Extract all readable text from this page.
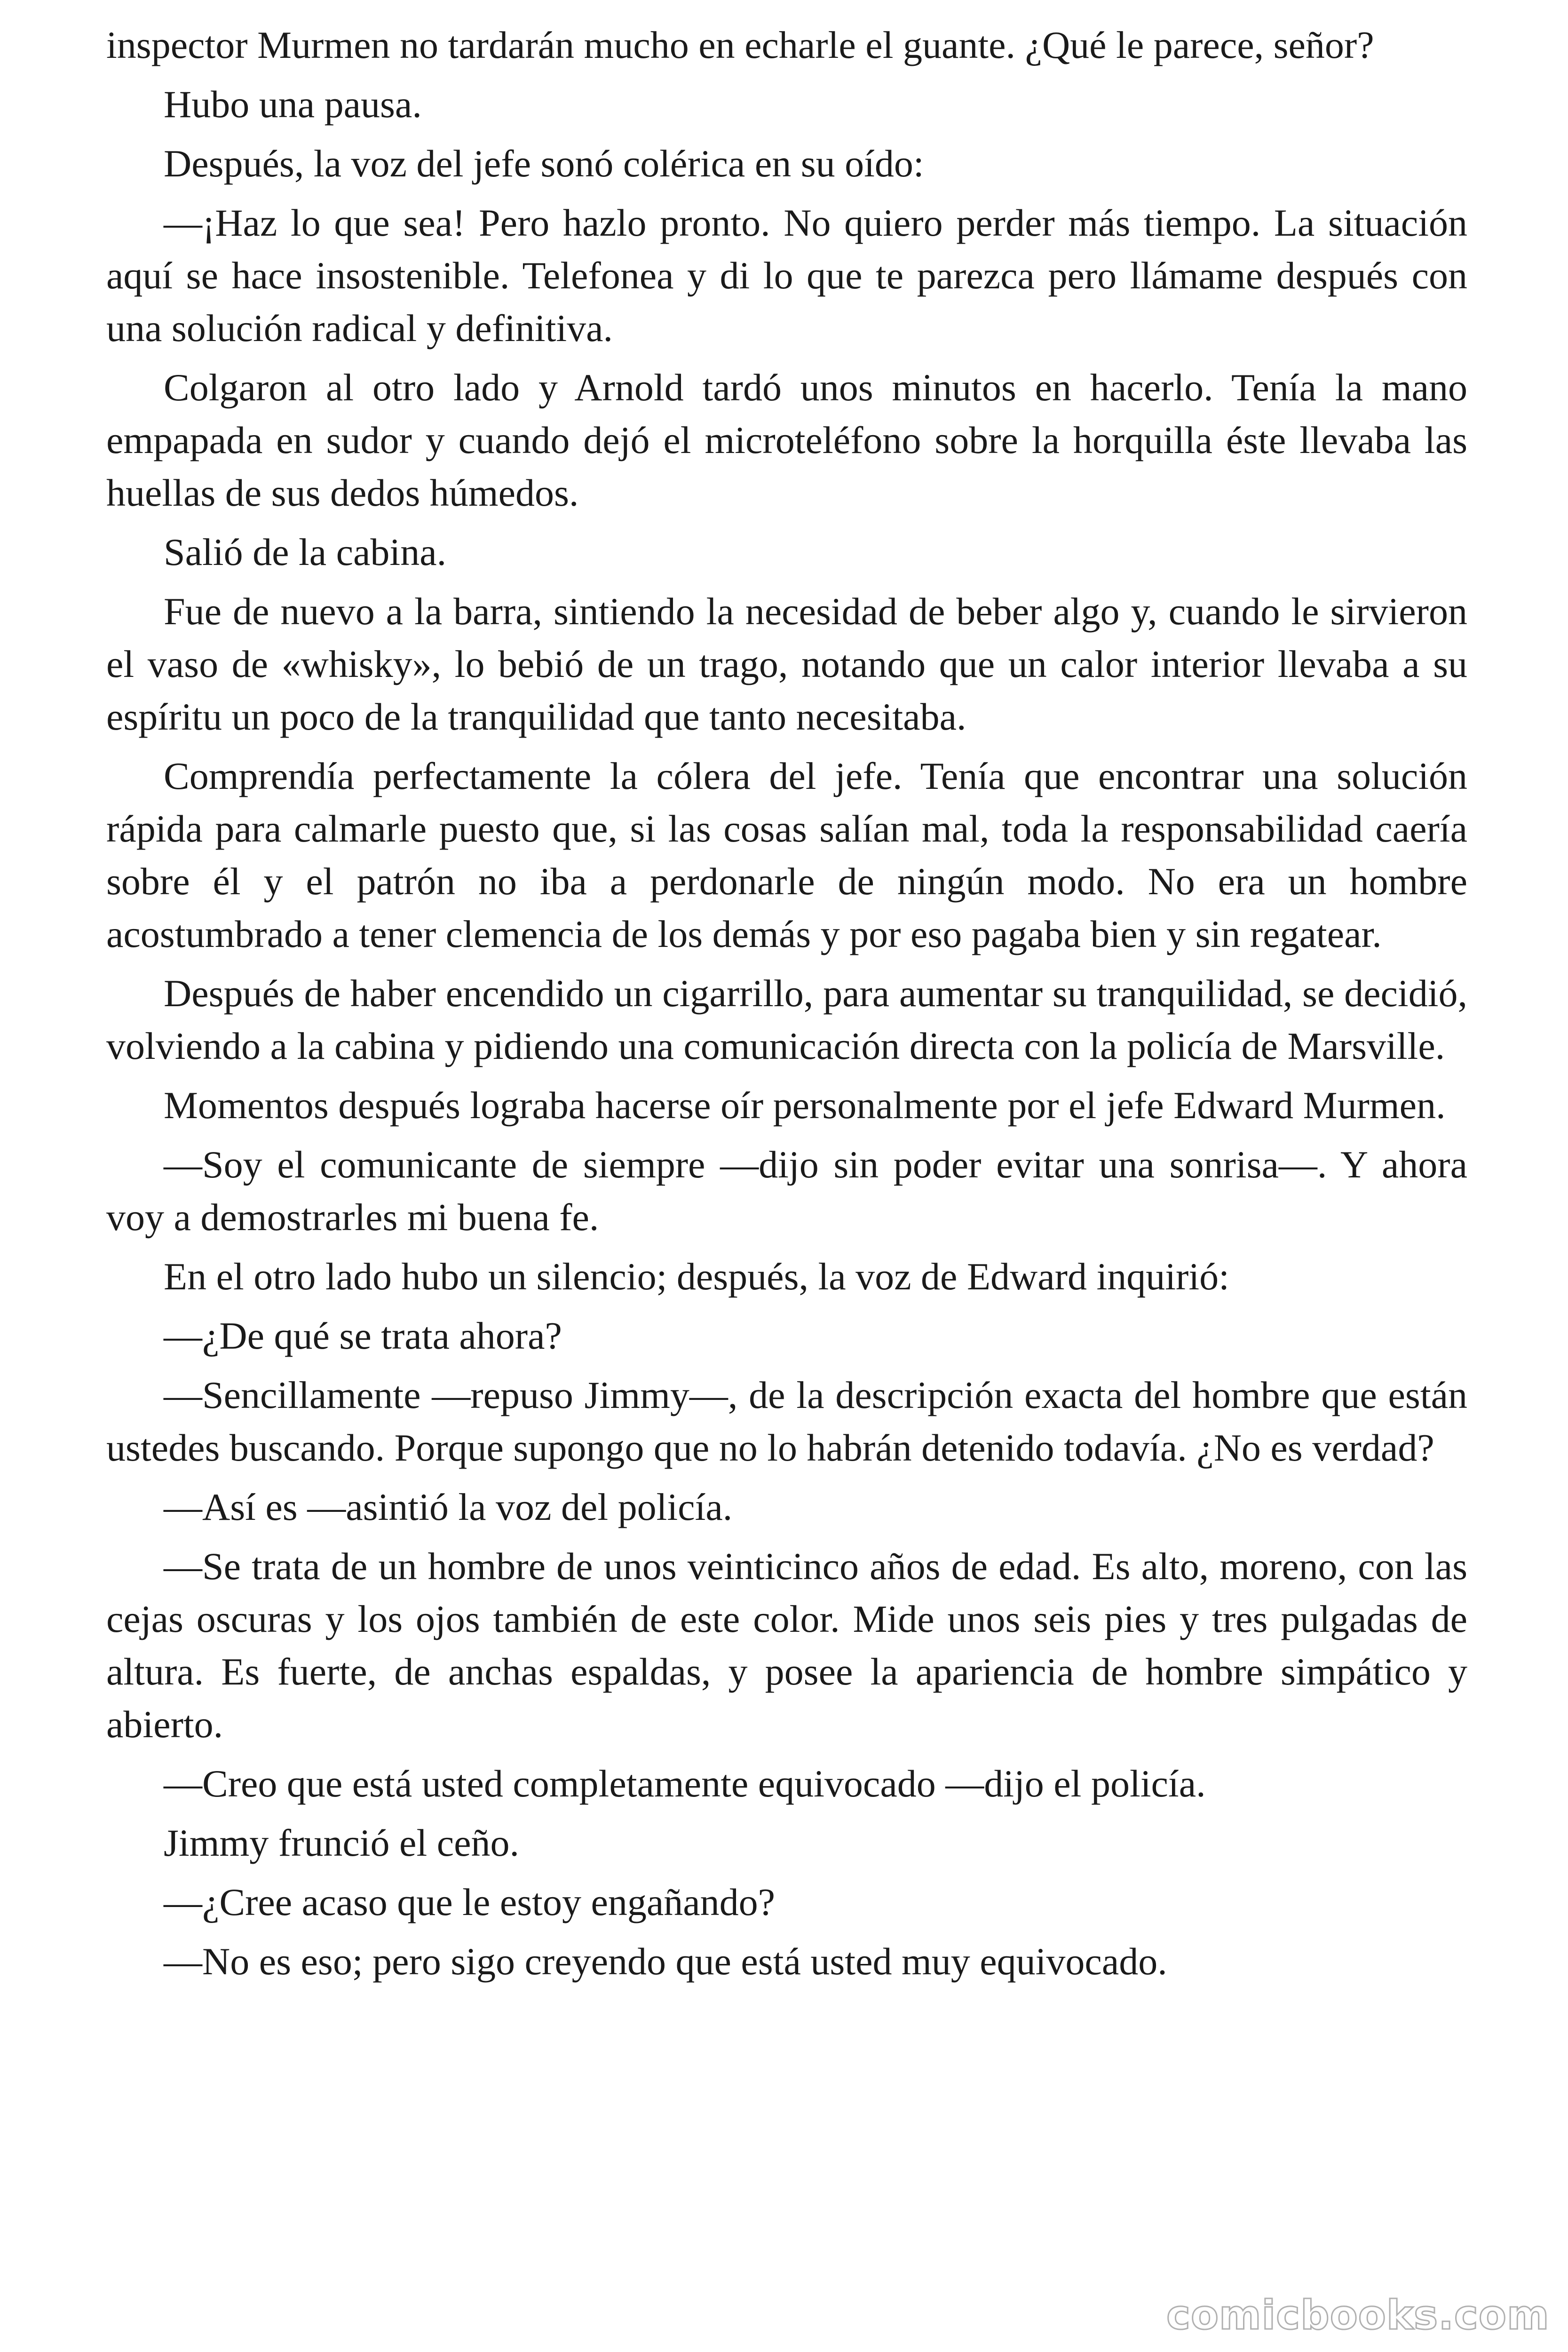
inspector Murmen no tardarán mucho en echarle el guante. ¿Qué le parece, señor?

Hubo una pausa.

Después, la voz del jefe sonó colérica en su oído:

—¡Haz lo que sea! Pero hazlo pronto. No quiero perder más tiempo. La situación aquí se hace insostenible. Telefonea y di lo que te parezca pero llámame después con una solución radical y definitiva.

Colgaron al otro lado y Arnold tardó unos minutos en hacerlo. Tenía la mano empapada en sudor y cuando dejó el microteléfono sobre la horquilla éste llevaba las huellas de sus dedos húmedos.

Salió de la cabina.

Fue de nuevo a la barra, sintiendo la necesidad de beber algo y, cuando le sirvieron el vaso de «whisky», lo bebió de un trago, notando que un calor interior llevaba a su espíritu un poco de la tranquilidad que tanto necesitaba.

Comprendía perfectamente la cólera del jefe. Tenía que encontrar una solución rápida para calmarle puesto que, si las cosas salían mal, toda la responsabilidad caería sobre él y el patrón no iba a perdonarle de ningún modo. No era un hombre acostumbrado a tener clemencia de los demás y por eso pagaba bien y sin regatear.

Después de haber encendido un cigarrillo, para aumentar su tranquilidad, se decidió, volviendo a la cabina y pidiendo una comunicación directa con la policía de Marsville.

Momentos después lograba hacerse oír personalmente por el jefe Edward Murmen.

—Soy el comunicante de siempre —dijo sin poder evitar una sonrisa—. Y ahora voy a demostrarles mi buena fe.

En el otro lado hubo un silencio; después, la voz de Edward inquirió:

—¿De qué se trata ahora?

—Sencillamente —repuso Jimmy—, de la descripción exacta del hombre que están ustedes buscando. Porque supongo que no lo habrán detenido todavía. ¿No es verdad?

—Así es —asintió la voz del policía.

—Se trata de un hombre de unos veinticinco años de edad. Es alto, moreno, con las cejas oscuras y los ojos también de este color. Mide unos seis pies y tres pulgadas de altura. Es fuerte, de anchas espaldas, y posee la apariencia de hombre simpático y abierto.

—Creo que está usted completamente equivocado —dijo el policía.

Jimmy frunció el ceño.

—¿Cree acaso que le estoy engañando?

—No es eso; pero sigo creyendo que está usted muy equivocado.

comicbooks.com
